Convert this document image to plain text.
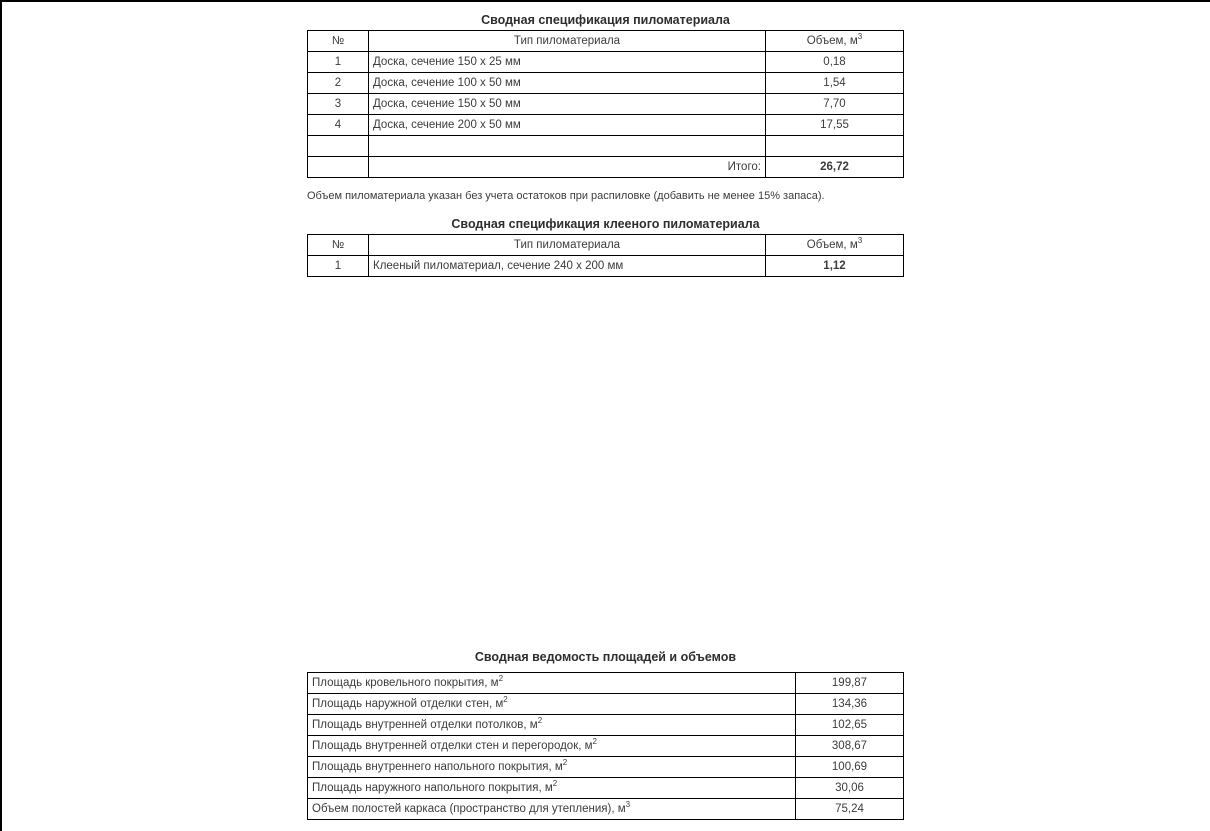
Сводная спецификация пиломатериала
№	Тип пиломатериала	Объем, $м^3$
1	Доска, сечение 150 x 25 мм	0,18
2	Доска, сечение 100 x 50 мм	1,54
3	Доска, сечение 150 x 50 мм	7,70
4	Доска, сечение 200 x 50 мм	17,55

	Итого:	26,72

Объем пиломатериала указан без учета остатоков при распиловке (добавить не менее 15% запаса).

Сводная спецификация клееного пиломатериала
№	Тип пиломатериала	Объем, $м^3$
1	Клееный пиломатериал, сечение 240 x 200 мм	1,12
Сводная ведомость площадей и объемов
Площадь кровельного покрытия, $м^2$	199,87
Площадь наружной отделки стен, $м^2$	134,36
Площадь внутренней отделки потолков, $м^2$	102,65
Площадь внутренней отделки стен и перегородок, $м^2$	308,67
Площадь внутреннего напольного покрытия, $м^2$	100,69
Площадь наружного напольного покрытия, $м^2$	30,06
Объем полостей каркаса (пространство для утепления), $м^3$	75,24
